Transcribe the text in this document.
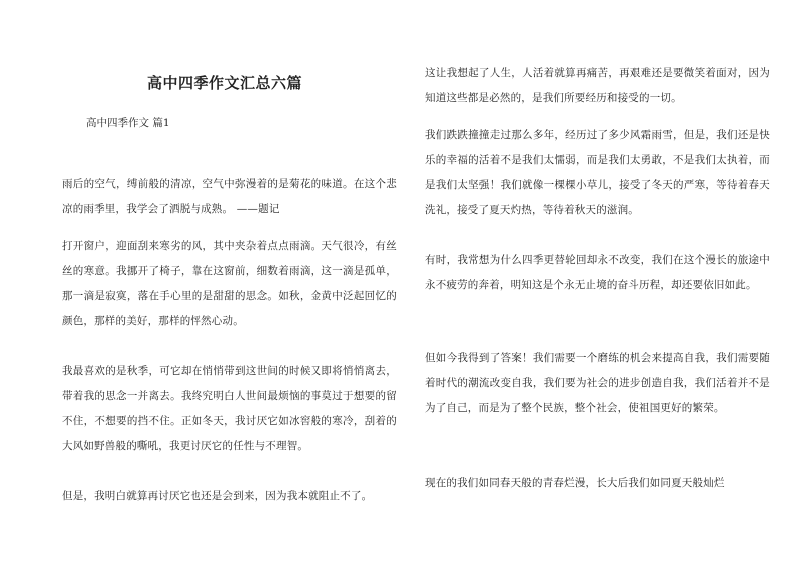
高中四季作文汇总六篇
高中四季作文 篇1
雨后的空气，缚前般的清凉，空气中弥漫着的是菊花的味道。在这个悲凉的雨季里，我学会了洒脱与成熟。 ——题记
打开窗户，迎面刮来寒劣的风，其中夹杂着点点雨滴。天气很冷，有丝丝的寒意。我挪开了椅子，靠在这窗前，细数着雨滴，这一滴是孤单，那一滴是寂寞，落在手心里的是甜甜的思念。如秋，金黄中泛起回忆的颜色，那样的美好，那样的怦然心动。
我最喜欢的是秋季，可它却在悄悄带到这世间的时候又即将悄悄离去，带着我的思念一并离去。我终究明白人世间最烦恼的事莫过于想要的留不住，不想要的挡不住。正如冬天，我讨厌它如冰窖般的寒冷，刮着的大风如野兽般的嘶吼，我更讨厌它的任性与不理智。
但是，我明白就算再讨厌它也还是会到来，因为我本就阻止不了。
这让我想起了人生，人活着就算再痛苦，再艰难还是要微笑着面对，因为知道这些都是必然的，是我们所要经历和接受的一切。
我们跌跌撞撞走过那么多年，经历过了多少风霜雨雪，但是，我们还是快乐的幸福的活着不是我们太懦弱，而是我们太勇敢，不是我们太执着，而是我们太坚强！我们就像一棵棵小草儿，接受了冬天的严寒，等待着春天洗礼，接受了夏天灼热，等待着秋天的滋润。
有时，我常想为什么四季更替轮回却永不改变，我们在这个漫长的旅途中永不疲劳的奔着，明知这是个永无止境的奋斗历程，却还要依旧如此。
但如今我得到了答案！我们需要一个磨练的机会来提高自我，我们需要随着时代的潮流改变自我，我们要为社会的进步创造自我，我们活着并不是为了自己，而是为了整个民族，整个社会，使祖国更好的繁荣。
现在的我们如同春天般的青春烂漫，长大后我们如同夏天般灿烂
